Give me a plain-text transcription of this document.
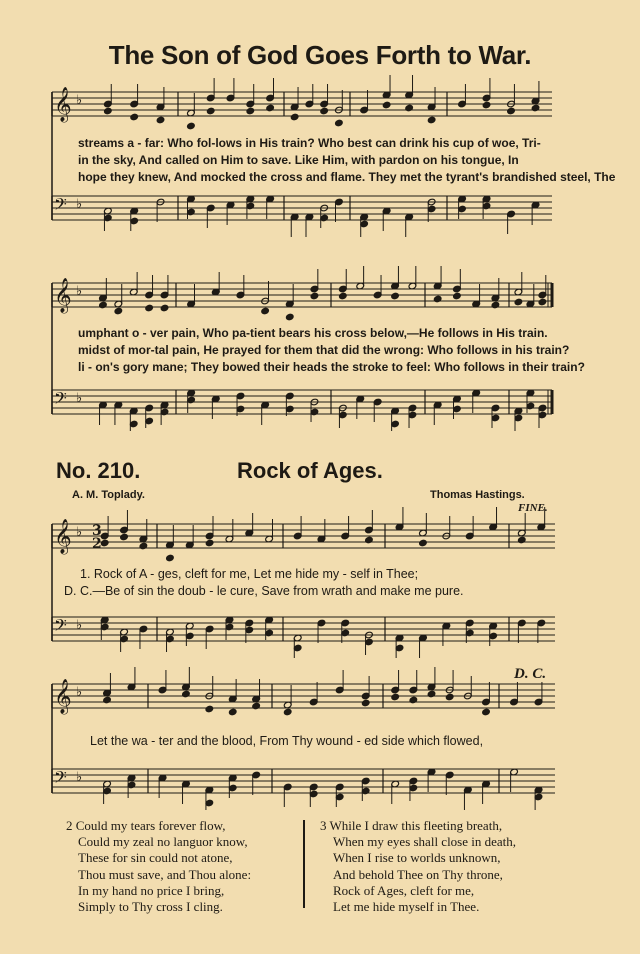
𝄞 ♭
𝄢 ♭
𝄞 ♭
𝄢 ♭
𝄞 ♭
𝄢 ♭
3
2
𝄞 ♭
𝄢 ♭
The Son of God Goes Forth to War.
streams a - far: Who fol-lows in His train? Who best can drink his cup of woe, Tri-
in the sky, And called on Him to save. Like Him, with pardon on his tongue, In
hope they knew, And mocked the cross and flame. They met the tyrant's brandished steel, The
umphant o - ver pain, Who pa-tient bears his cross below,—He follows in His train.
midst of mor-tal pain, He prayed for them that did the wrong: Who follows in his train?
li - on's gory mane; They bowed their heads the stroke to feel: Who follows in their train?
No. 210.	Rock of Ages.
A. M. Toplady.	Thomas Hastings.
FINE.
D. C.
1. Rock of A - ges, cleft for me, Let me hide my - self in Thee;
D. C.—Be of sin the doub - le cure, Save from wrath and make me pure.
Let the wa - ter and the blood, From Thy wound - ed side which flowed,
2 Could my tears forever flow,
Could my zeal no languor know,
These for sin could not atone,
Thou must save, and Thou alone:
In my hand no price I bring,
Simply to Thy cross I cling.
3 While I draw this fleeting breath,
When my eyes shall close in death,
When I rise to worlds unknown,
And behold Thee on Thy throne,
Rock of Ages, cleft for me,
Let me hide myself in Thee.
